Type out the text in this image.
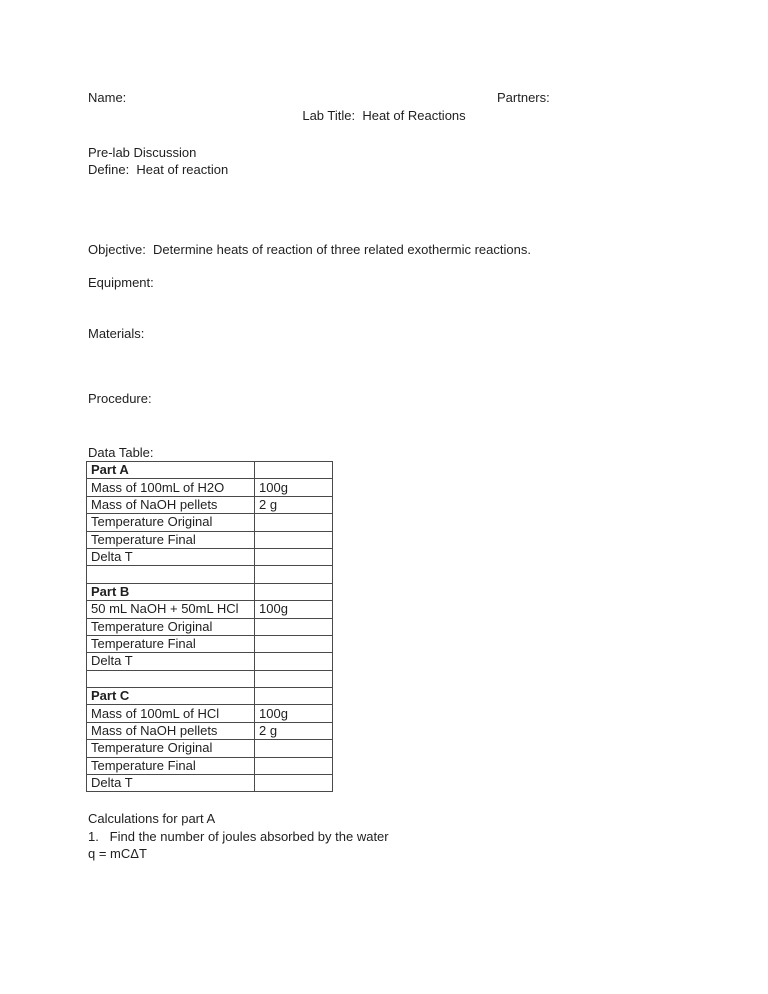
Name:	Partners:
Lab Title:  Heat of Reactions
Pre-lab Discussion
Define:  Heat of reaction
Objective:  Determine heats of reaction of three related exothermic reactions.
Equipment:
Materials:
Procedure:
Data Table:
Part A	
Mass of 100mL of H2O	100g
Mass of NaOH pellets	2 g
Temperature Original	
Temperature Final	
Delta T	

Part B	
50 mL NaOH + 50mL HCl	100g
Temperature Original	
Temperature Final	
Delta T	

Part C	
Mass of 100mL of HCl	100g
Mass of NaOH pellets	2 g
Temperature Original	
Temperature Final	
Delta T	
Calculations for part A
1.   Find the number of joules absorbed by the water
q = mCΔT
